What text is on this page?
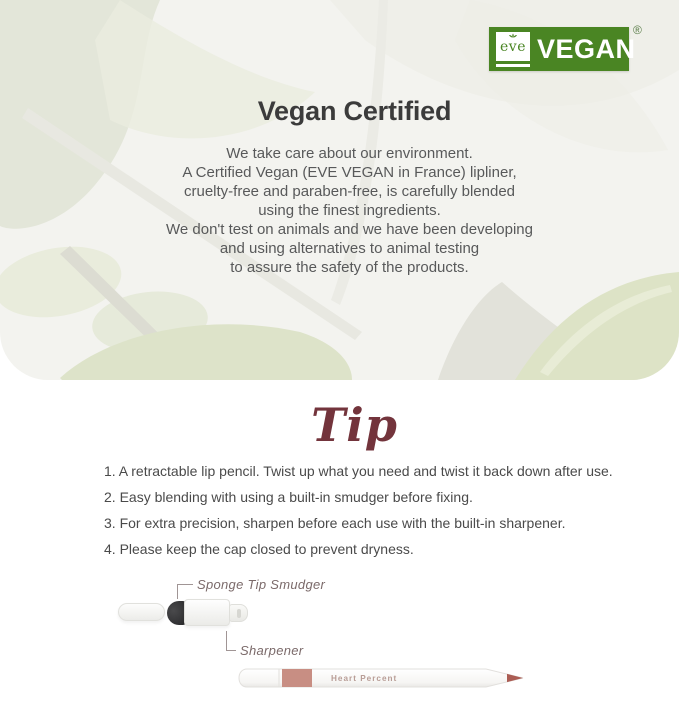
eve VEGAN
®
Vegan Certified
We take care about our environment.
A Certified Vegan (EVE VEGAN in France) lipliner,
cruelty-free and paraben-free, is carefully blended
using the finest ingredients.
We don't test on animals and we have been developing
and using alternatives to animal testing
to assure the safety of the products.
Tip
1. A retractable lip pencil. Twist up what you need and twist it back down after use.
2. Easy blending with using a built-in smudger before fixing.
3. For extra precision, sharpen before each use with the built-in sharpener.
4. Please keep the cap closed to prevent dryness.
Sponge Tip Smudger
Sharpener
Heart Percent
